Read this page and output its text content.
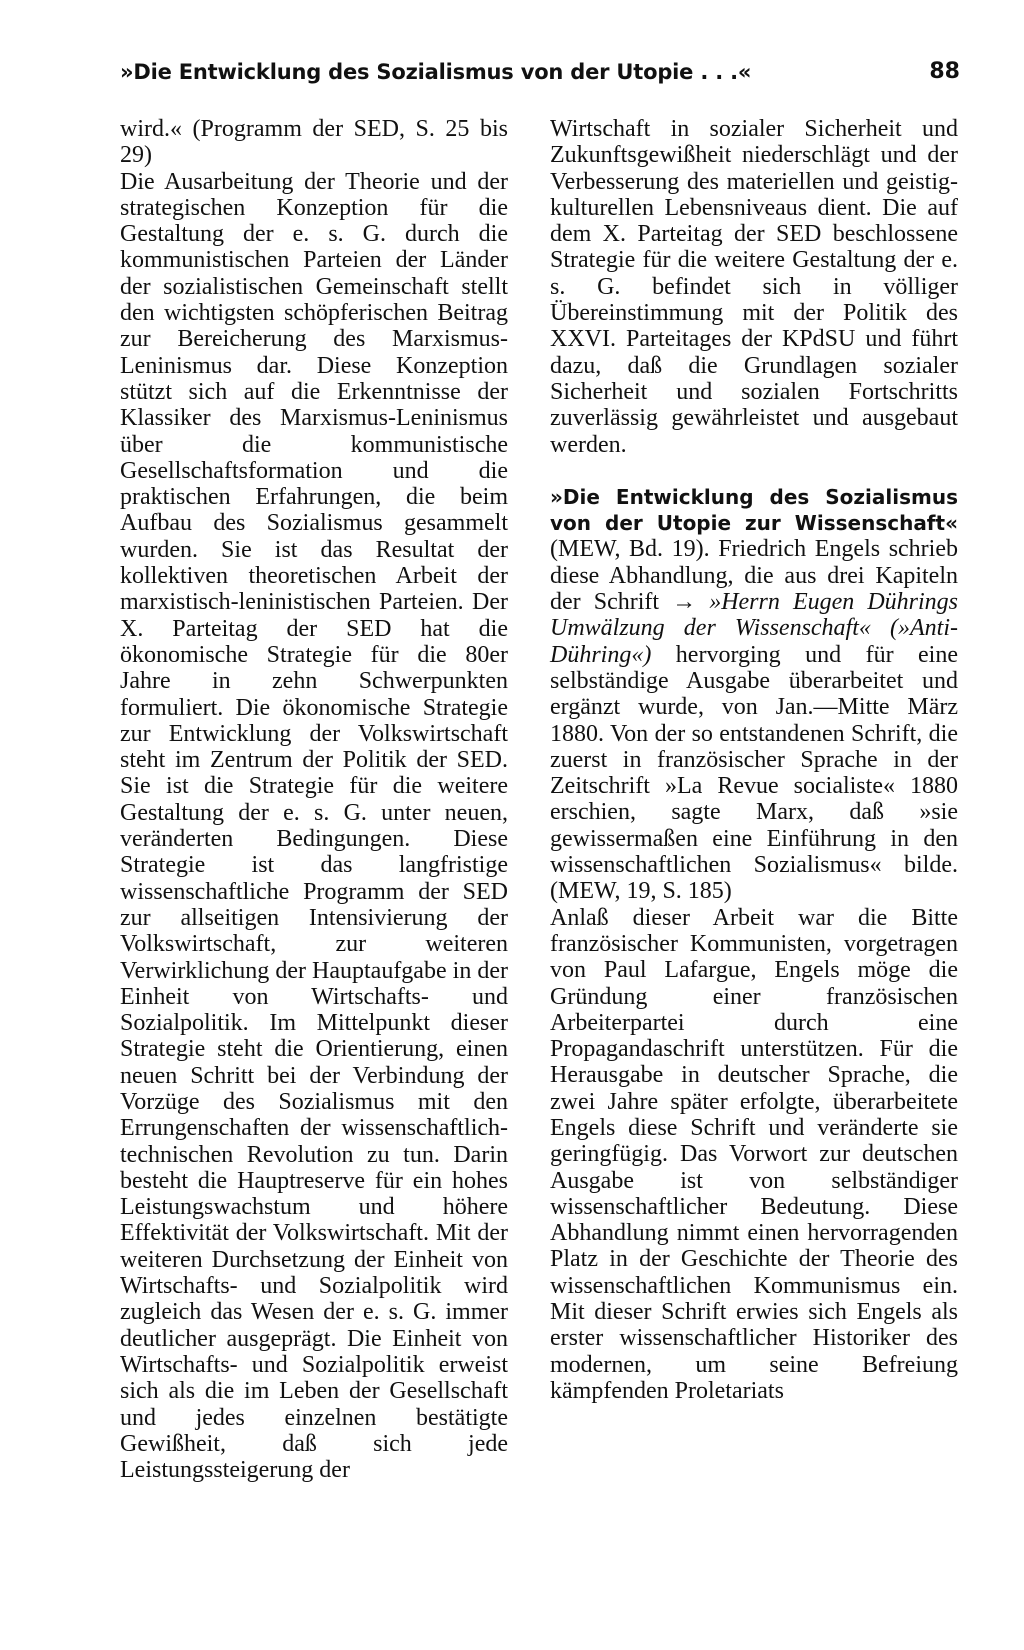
»Die Entwicklung des Sozialismus von der Utopie . . .«	88

wird.« (Programm der SED, S. 25 bis 29)

Die Ausarbeitung der Theorie und der strategischen Konzeption für die Gestaltung der e. s. G. durch die kommunistischen Parteien der Länder der sozialistischen Gemeinschaft stellt den wichtigsten schöpferischen Beitrag zur Bereicherung des Marxismus-Leninismus dar. Diese Konzeption stützt sich auf die Erkenntnisse der Klassiker des Marxismus-Leninismus über die kommunistische Gesellschaftsformation und die praktischen Erfahrungen, die beim Aufbau des Sozialismus gesammelt wurden. Sie ist das Resultat der kollektiven theoretischen Arbeit der marxistisch-leninistischen Parteien. Der X. Parteitag der SED hat die ökonomische Strategie für die 80er Jahre in zehn Schwerpunkten formuliert. Die ökonomische Strategie zur Entwicklung der Volkswirtschaft steht im Zentrum der Politik der SED. Sie ist die Strategie für die weitere Gestaltung der e. s. G. unter neuen, veränderten Bedingungen. Diese Strategie ist das langfristige wissenschaftliche Programm der SED zur allseitigen Intensivierung der Volkswirtschaft, zur weiteren Verwirklichung der Hauptaufgabe in der Einheit von Wirtschafts- und Sozialpolitik. Im Mittelpunkt dieser Strategie steht die Orientierung, einen neuen Schritt bei der Verbindung der Vorzüge des Sozialismus mit den Errungenschaften der wissenschaftlich-technischen Revolution zu tun. Darin besteht die Hauptreserve für ein hohes Leistungswachstum und höhere Effektivität der Volkswirtschaft. Mit der weiteren Durchsetzung der Einheit von Wirtschafts- und Sozialpolitik wird zugleich das Wesen der e. s. G. immer deutlicher ausgeprägt. Die Einheit von Wirtschafts- und Sozialpolitik erweist sich als die im Leben der Gesellschaft und jedes einzelnen bestätigte Gewißheit, daß sich jede Leistungssteigerung der

Wirtschaft in sozialer Sicherheit und Zukunftsgewißheit niederschlägt und der Verbesserung des materiellen und geistig-kulturellen Lebensniveaus dient. Die auf dem X. Parteitag der SED beschlossene Strategie für die weitere Gestaltung der e. s. G. befindet sich in völliger Übereinstimmung mit der Politik des XXVI. Parteitages der KPdSU und führt dazu, daß die Grundlagen sozialer Sicherheit und sozialen Fortschritts zuverlässig gewährleistet und ausgebaut werden.

»Die Entwicklung des Sozialismus von der Utopie zur Wissenschaft« (MEW, Bd. 19). Friedrich Engels schrieb diese Abhandlung, die aus drei Kapiteln der Schrift → »Herrn Eugen Dührings Umwälzung der Wissenschaft« (»Anti-Dühring«) hervorging und für eine selbständige Ausgabe überarbeitet und ergänzt wurde, von Jan.—Mitte März 1880. Von der so entstandenen Schrift, die zuerst in französischer Sprache in der Zeitschrift »La Revue socialiste« 1880 erschien, sagte Marx, daß »sie gewissermaßen eine Einführung in den wissenschaftlichen Sozialismus« bilde. (MEW, 19, S. 185)

Anlaß dieser Arbeit war die Bitte französischer Kommunisten, vorgetragen von Paul Lafargue, Engels möge die Gründung einer französischen Arbeiterpartei durch eine Propagandaschrift unterstützen. Für die Herausgabe in deutscher Sprache, die zwei Jahre später erfolgte, überarbeitete Engels diese Schrift und veränderte sie geringfügig. Das Vorwort zur deutschen Ausgabe ist von selbständiger wissenschaftlicher Bedeutung. Diese Abhandlung nimmt einen hervorragenden Platz in der Geschichte der Theorie des wissenschaftlichen Kommunismus ein. Mit dieser Schrift erwies sich Engels als erster wissenschaftlicher Historiker des modernen, um seine Befreiung kämpfenden Proletariats
